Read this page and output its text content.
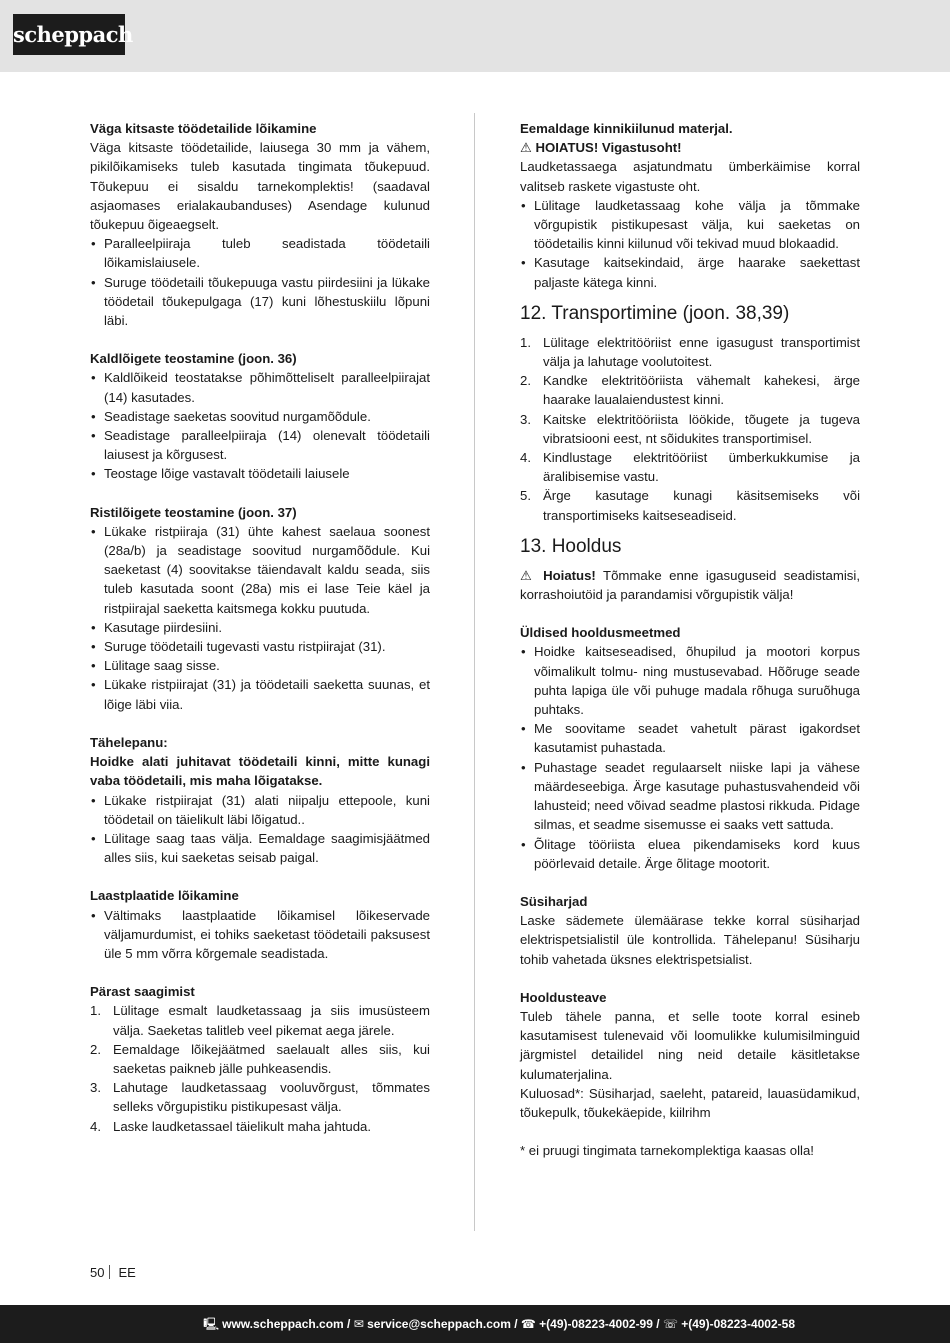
scheppach

Väga kitsaste töödetailide lõikamine

Väga kitsaste töödetailide, laiusega 30 mm ja vähem, pikilõikamiseks tuleb kasutada tingimata tõukepuud. Tõukepuu ei sisaldu tarnekomplektis! (saadaval asjaomases erialakaubanduses) Asendage kulunud tõukepuu õigeaegselt.

• Paralleelpiiraja tuleb seadistada töödetaili lõikamislaiusele.
• Suruge töödetaili tõukepuuga vastu piirdesiini ja lükake töödetail tõukepulgaga (17) kuni lõhestuskiilu lõpuni läbi.

Kaldlõigete teostamine (joon. 36)

• Kaldlõikeid teostatakse põhimõtteliselt paralleelpiirajat (14) kasutades.
• Seadistage saeketas soovitud nurgamõõdule.
• Seadistage paralleelpiiraja (14) olenevalt töödetaili laiusest ja kõrgusest.
• Teostage lõige vastavalt töödetaili laiusele

Ristilõigete teostamine (joon. 37)

• Lükake ristpiiraja (31) ühte kahest saelaua soonest (28a/b) ja seadistage soovitud nurgamõõdule. Kui saeketast (4) soovitakse täiendavalt kaldu seada, siis tuleb kasutada soont (28a) mis ei lase Teie käel ja ristpiirajal saeketta kaitsmega kokku puutuda.
• Kasutage piirdesiini.
• Suruge töödetaili tugevasti vastu ristpiirajat (31).
• Lülitage saag sisse.
• Lükake ristpiirajat (31) ja töödetaili saeketta suunas, et lõige läbi viia.

Tähelepanu:

Hoidke alati juhitavat töödetaili kinni, mitte kunagi vaba töödetaili, mis maha lõigatakse.

• Lükake ristpiirajat (31) alati niipalju ettepoole, kuni töödetail on täielikult läbi lõigatud..
• Lülitage saag taas välja. Eemaldage saagimisjäätmed alles siis, kui saeketas seisab paigal.

Laastplaatide lõikamine

• Vältimaks laastplaatide lõikamisel lõikeservade väljamurdumist, ei tohiks saeketast töödetaili paksusest üle 5 mm võrra kõrgemale seadistada.

Pärast saagimist

1. Lülitage esmalt laudketassaag ja siis imusüsteem välja. Saeketas talitleb veel pikemat aega järele.
2. Eemaldage lõikejäätmed saelaualt alles siis, kui saeketas paikneb jälle puhkeasendis.
3. Lahutage laudketassaag vooluvõrgust, tõmmates selleks võrgupistiku pistikupesast välja.
4. Laske laudketassael täielikult maha jahtuda.

Eemaldage kinnikiilunud materjal.

⚠ HOIATUS! Vigastusoht!

Laudketassaega asjatundmatu ümberkäimise korral valitseb raskete vigastuste oht.

• Lülitage laudketassaag kohe välja ja tõmmake võrgupistik pistikupesast välja, kui saeketas on töödetailis kinni kiilunud või tekivad muud blokaadid.
• Kasutage kaitsekindaid, ärge haarake saekettast paljaste kätega kinni.
12. Transportimine (joon. 38,39)
1. Lülitage elektritööriist enne igasugust transportimist välja ja lahutage voolutoitest.
2. Kandke elektritööriista vähemalt kahekesi, ärge haarake laualaiendustest kinni.
3. Kaitske elektritööriista löökide, tõugete ja tugeva vibratsiooni eest, nt sõidukites transportimisel.
4. Kindlustage elektritööriist ümberkukkumise ja äralibisemise vastu.
5. Ärge kasutage kunagi käsitsemiseks või transportimiseks kaitseseadiseid.
13. Hooldus

⚠ Hoiatus! Tõmmake enne igasuguseid seadistamisi, korrashoiutöid ja parandamisi võrgupistik välja!

Üldised hooldusmeetmed

• Hoidke kaitseseadised, õhupilud ja mootori korpus võimalikult tolmu- ning mustusevabad. Hõõruge seade puhta lapiga üle või puhuge madala rõhuga suruõhuga puhtaks.
• Me soovitame seadet vahetult pärast igakordset kasutamist puhastada.
• Puhastage seadet regulaarselt niiske lapi ja vähese määrdeseebiga. Ärge kasutage puhastusvahendeid või lahusteid; need võivad seadme plastosi rikkuda. Pidage silmas, et seadme sisemusse ei saaks vett sattuda.
• Õlitage tööriista eluea pikendamiseks kord kuus pöörlevaid detaile. Ärge õlitage mootorit.

Süsiharjad

Laske sädemete ülemäärase tekke korral süsiharjad elektrispetsialistil üle kontrollida. Tähelepanu! Süsiharju tohib vahetada üksnes elektrispetsialist.

Hooldusteave

Tuleb tähele panna, et selle toote korral esineb kasutamisest tulenevaid või loomulikke kulumisilminguid järgmistel detailidel ning neid detaile käsitletakse kulumaterjalina.

Kuluosad*: Süsiharjad, saeleht, patareid, lauasüdamikud, tõukepulk, tõukekäepide, kiilrihm

* ei pruugi tingimata tarnekomplektiga kaasas olla!

50 EE
🖳 www.scheppach.com / ✉ service@scheppach.com / ☎ +(49)-08223-4002-99 / ☏ +(49)-08223-4002-58
